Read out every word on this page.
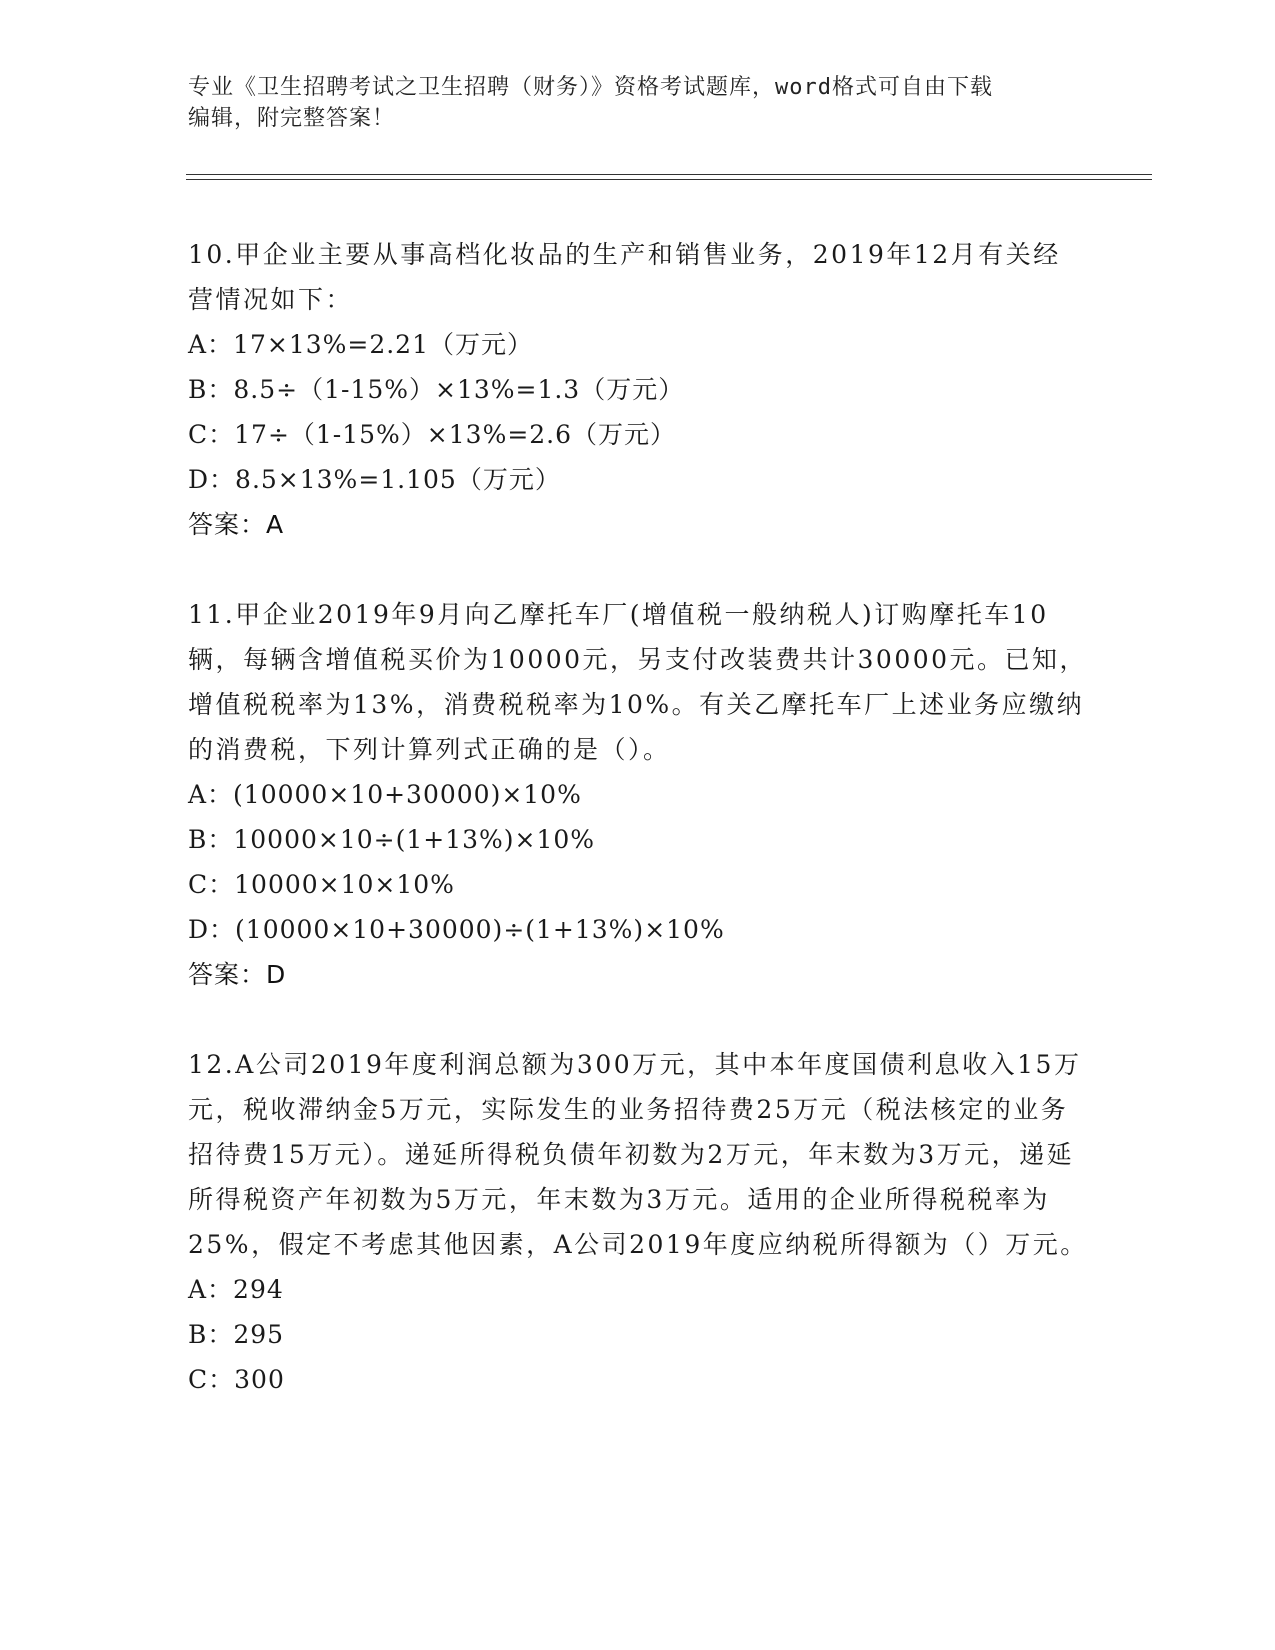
专业《卫生招聘考试之卫生招聘（财务）》资格考试题库，word格式可自由下载
编辑，附完整答案！

10.甲企业主要从事高档化妆品的生产和销售业务，2019年12月有关经营情况如下：

A：17×13%=2.21（万元）

B：8.5÷（1-15%）×13%=1.3（万元）

C：17÷（1-15%）×13%=2.6（万元）

D：8.5×13%=1.105（万元）

答案：A

11.甲企业2019年9月向乙摩托车厂(增值税一般纳税人)订购摩托车10辆，每辆含增值税买价为10000元，另支付改装费共计30000元。已知，增值税税率为13%，消费税税率为10%。有关乙摩托车厂上述业务应缴纳的消费税，下列计算列式正确的是（）。

A：(10000×10+30000)×10%

B：10000×10÷(1+13%)×10%

C：10000×10×10%

D：(10000×10+30000)÷(1+13%)×10%

答案：D

12.A公司2019年度利润总额为300万元，其中本年度国债利息收入15万元，税收滞纳金5万元，实际发生的业务招待费25万元（税法核定的业务招待费15万元）。递延所得税负债年初数为2万元，年末数为3万元，递延所得税资产年初数为5万元，年末数为3万元。适用的企业所得税税率为25%，假定不考虑其他因素，A公司2019年度应纳税所得额为（）万元。

A：294

B：295

C：300
